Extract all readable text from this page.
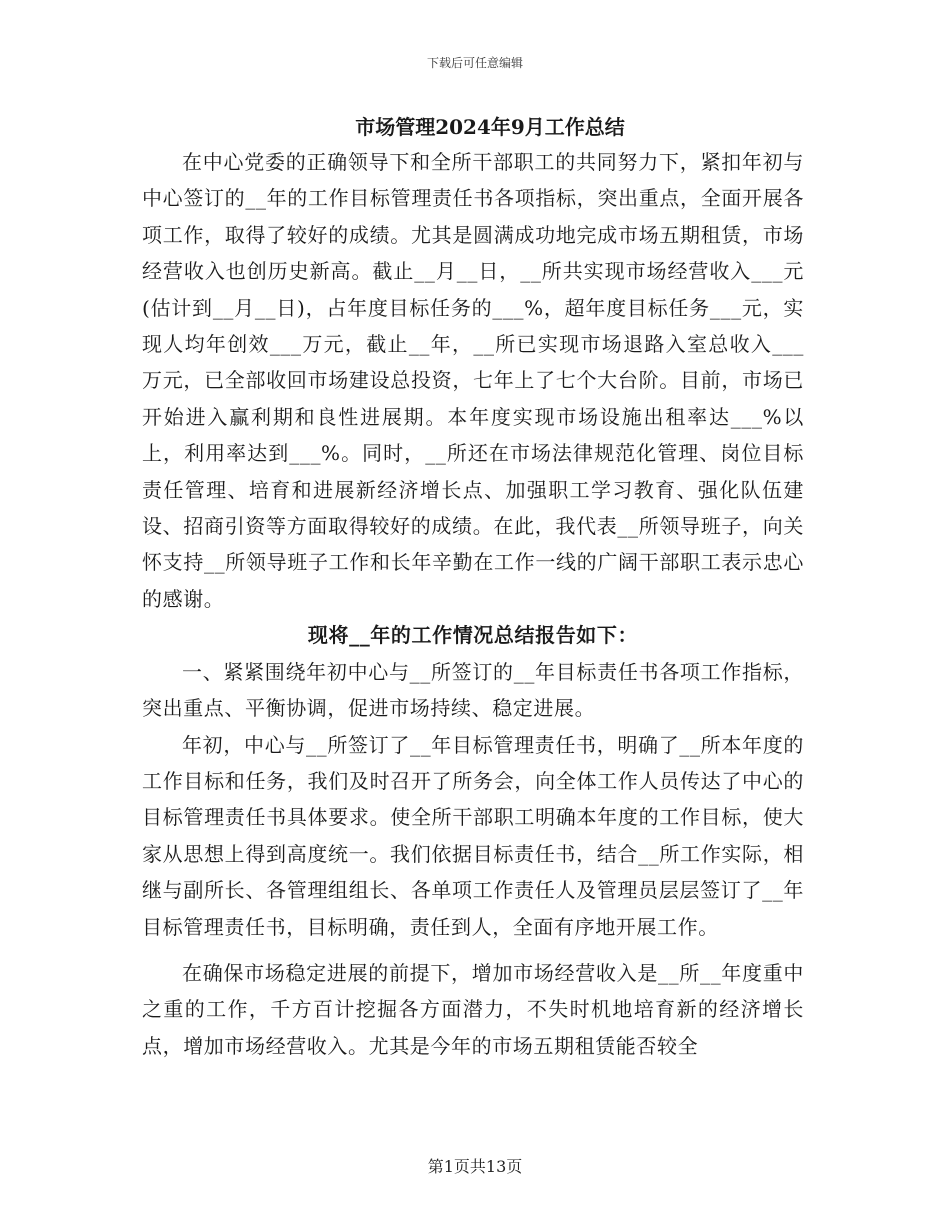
下载后可任意编辑
市场管理2024年9月工作总结

在中心党委的正确领导下和全所干部职工的共同努力下，紧扣年初与中心签订的__年的工作目标管理责任书各项指标，突出重点，全面开展各项工作，取得了较好的成绩。尤其是圆满成功地完成市场五期租赁，市场经营收入也创历史新高。截止__月__日，__所共实现市场经营收入___元(估计到__月__日)，占年度目标任务的___%，超年度目标任务___元，实现人均年创效___万元，截止__年，__所已实现市场退路入室总收入___万元，已全部收回市场建设总投资，七年上了七个大台阶。目前，市场已开始进入赢利期和良性进展期。本年度实现市场设施出租率达___%以上，利用率达到___%。同时，__所还在市场法律规范化管理、岗位目标责任管理、培育和进展新经济增长点、加强职工学习教育、强化队伍建设、招商引资等方面取得较好的成绩。在此，我代表__所领导班子，向关怀支持__所领导班子工作和长年辛勤在工作一线的广阔干部职工表示忠心的感谢。

现将__年的工作情况总结报告如下：

一、紧紧围绕年初中心与__所签订的__年目标责任书各项工作指标，突出重点、平衡协调，促进市场持续、稳定进展。

年初，中心与__所签订了__年目标管理责任书，明确了__所本年度的工作目标和任务，我们及时召开了所务会，向全体工作人员传达了中心的目标管理责任书具体要求。使全所干部职工明确本年度的工作目标，使大家从思想上得到高度统一。我们依据目标责任书，结合__所工作实际，相继与副所长、各管理组组长、各单项工作责任人及管理员层层签订了__年目标管理责任书，目标明确，责任到人，全面有序地开展工作。

在确保市场稳定进展的前提下，增加市场经营收入是__所__年度重中之重的工作，千方百计挖掘各方面潜力，不失时机地培育新的经济增长点，增加市场经营收入。尤其是今年的市场五期租赁能否较全

第1页共13页
